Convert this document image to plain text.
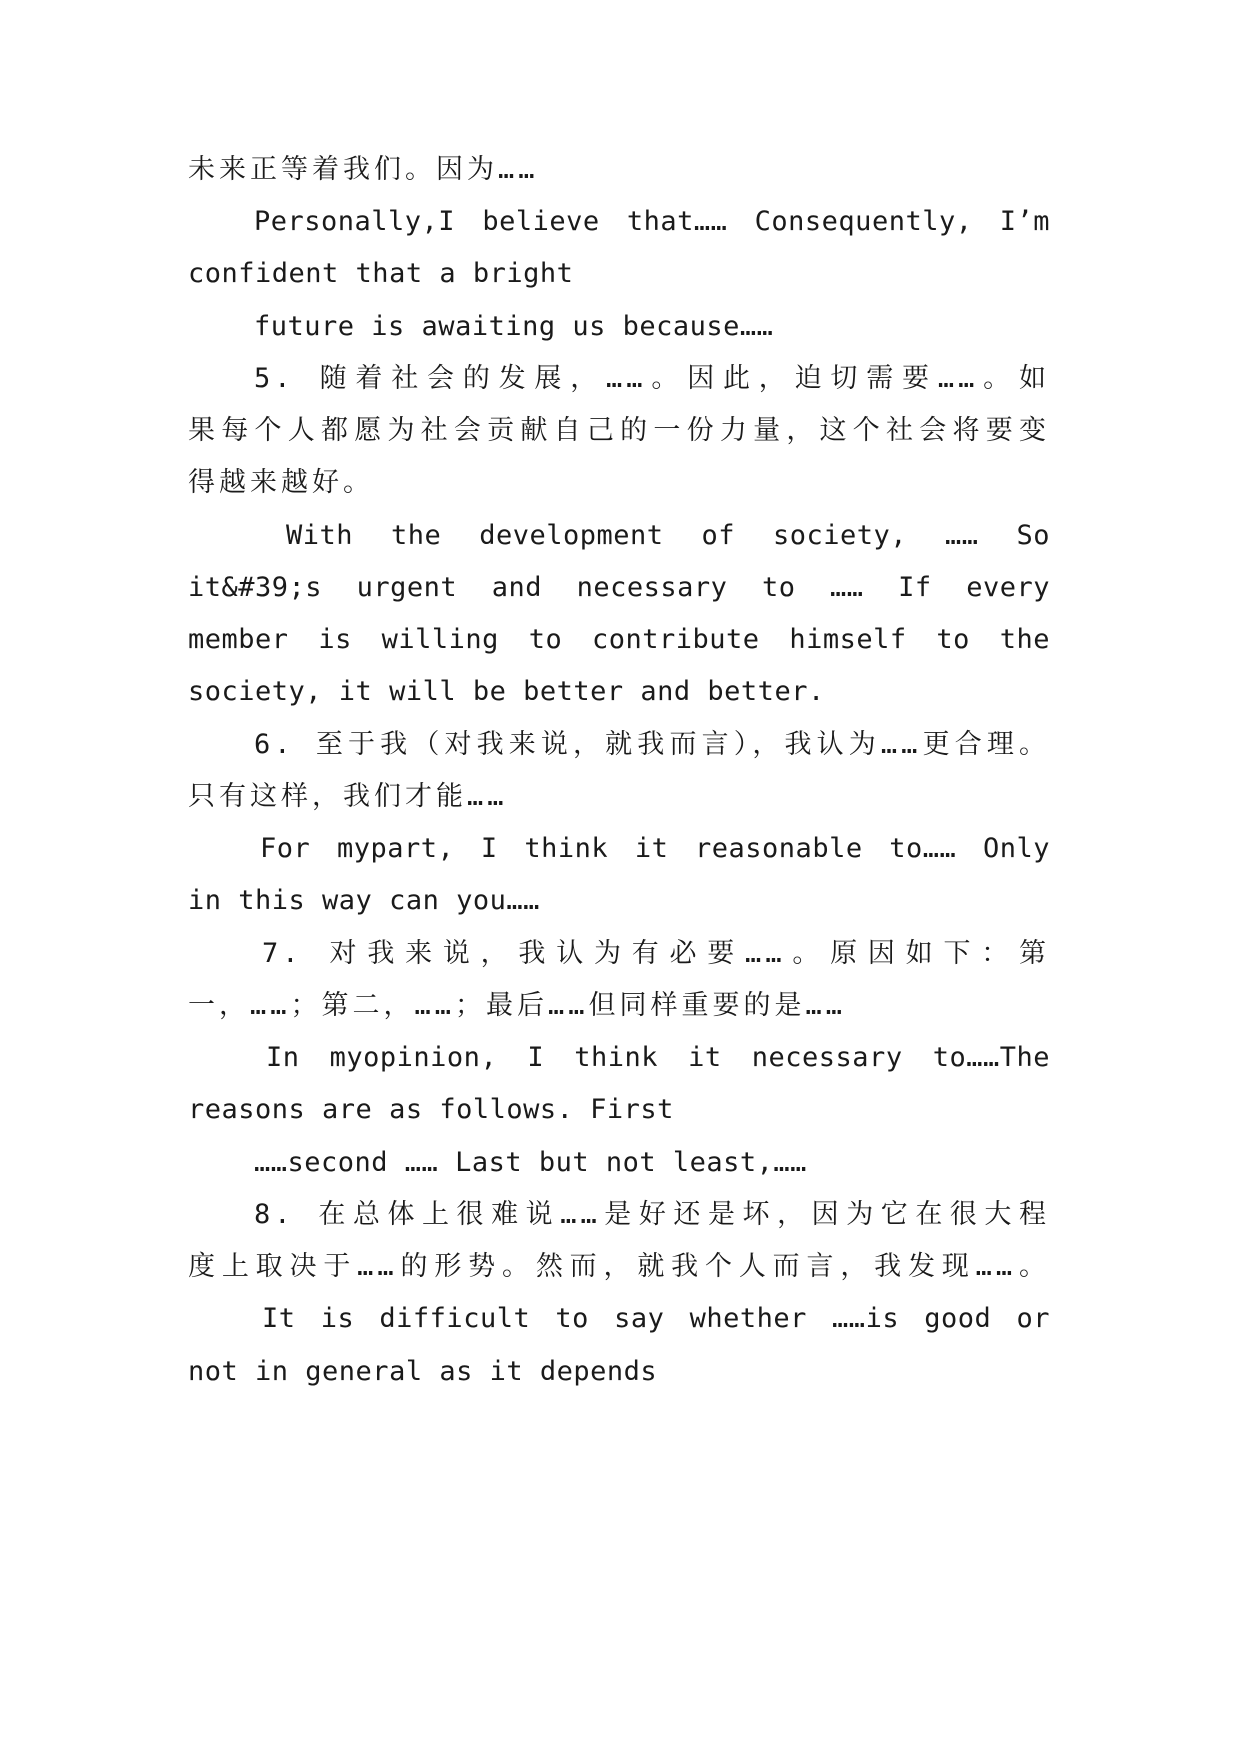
未来正等着我们。因为……
Personally,I believe that…… Consequently, I’m
confident that a bright
future is awaiting us because……
5. 随着社会的发展，……。因此，迫切需要……。如
果每个人都愿为社会贡献自己的一份力量，这个社会将要变
得越来越好。
With the development of society, …… So
it&#39;s urgent and necessary to …… If every
member is willing to contribute himself to the
society, it will be better and better.
6. 至于我（对我来说，就我而言），我认为……更合理。
只有这样，我们才能……
For mypart, I think it reasonable to…… Only
in this way can you……
7. 对我来说，我认为有必要……。原因如下：第
一，……；第二，……；最后……但同样重要的是……
In myopinion, I think it necessary to……The
reasons are as follows. First
……second …… Last but not least,……
8. 在总体上很难说……是好还是坏，因为它在很大程
度上取决于……的形势。然而，就我个人而言，我发现……。
It is difficult to say whether ……is good or
not in general as it depends
